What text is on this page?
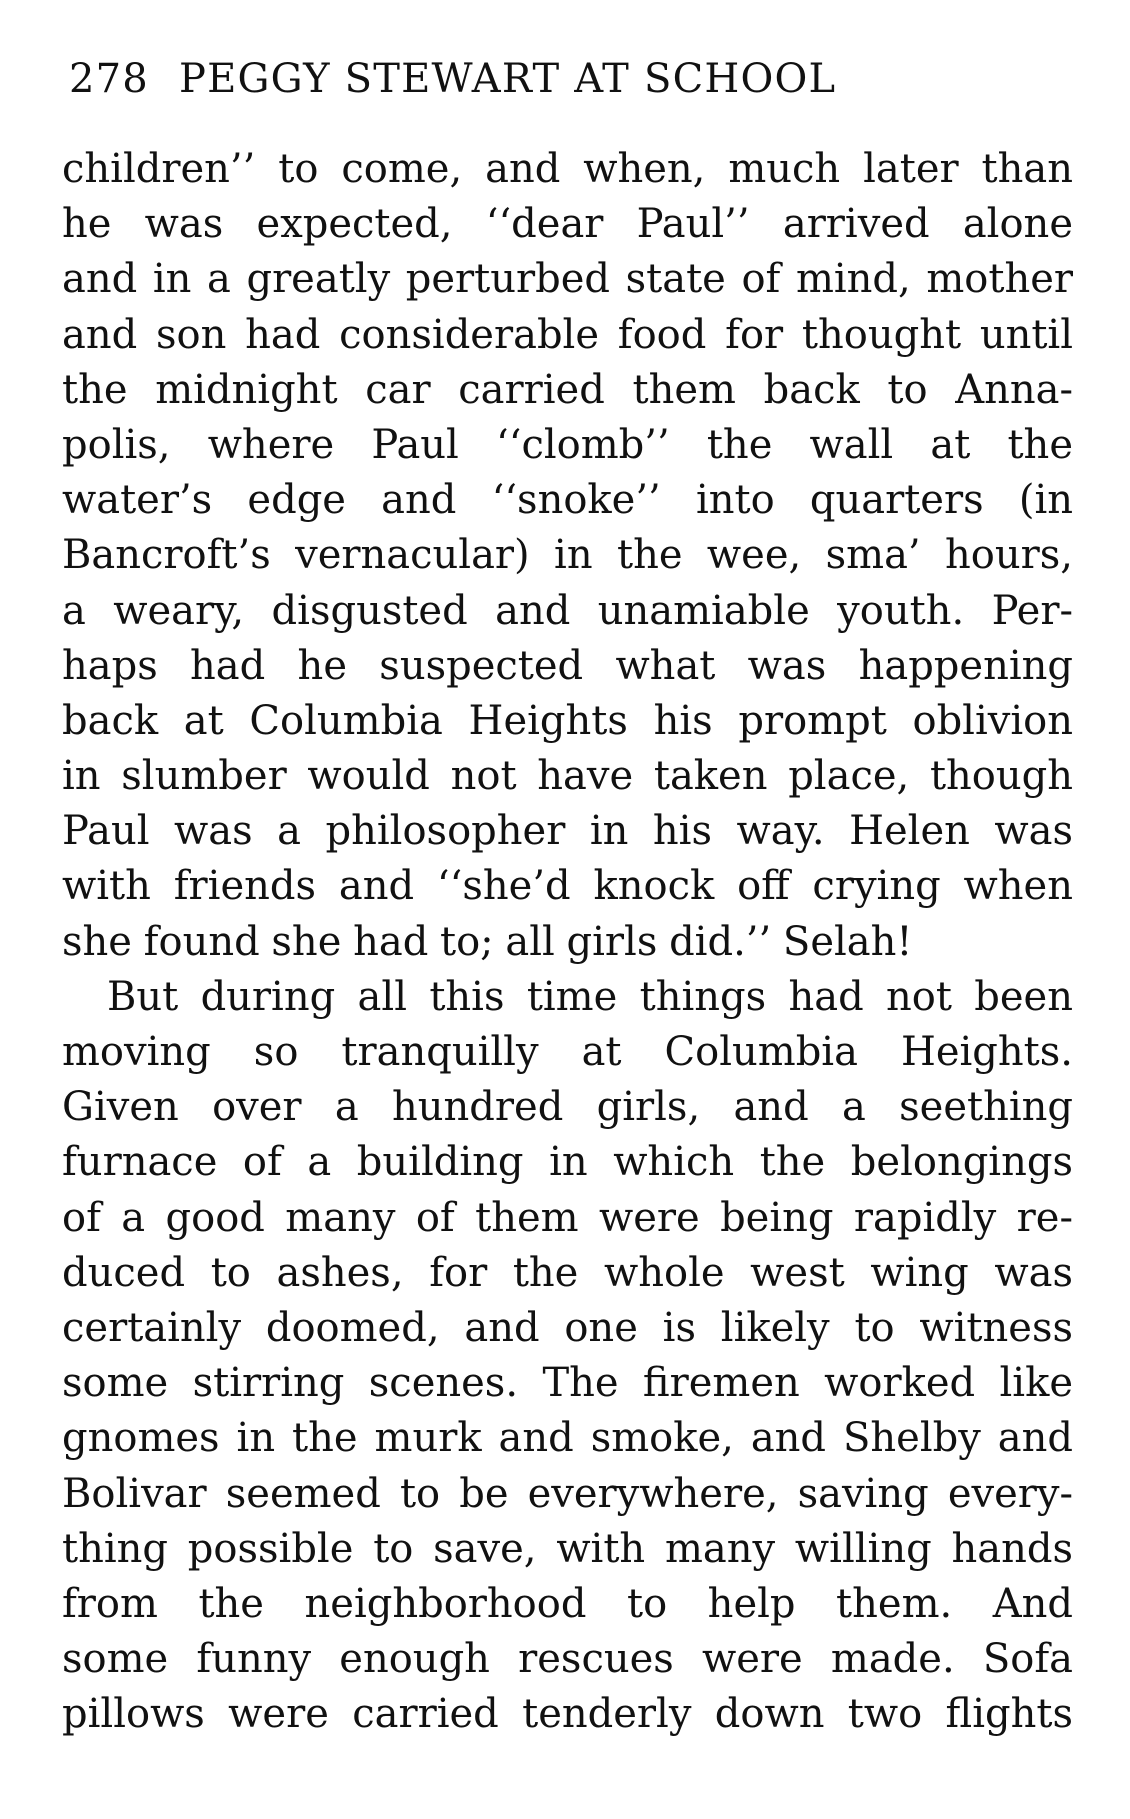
278 PEGGY STEWART AT SCHOOL
children’’ to come, and when, much later than
he was expected, ‘‘dear Paul’’ arrived alone
and in a greatly perturbed state of mind, mother
and son had considerable food for thought until
the midnight car carried them back to Anna-
polis, where Paul ‘‘clomb’’ the wall at the
water’s edge and ‘‘snoke’’ into quarters (in
Bancroft’s vernacular) in the wee, sma’ hours,
a weary, disgusted and unamiable youth. Per-
haps had he suspected what was happening
back at Columbia Heights his prompt oblivion
in slumber would not have taken place, though
Paul was a philosopher in his way. Helen was
with friends and ‘‘she’d knock off crying when
she found she had to; all girls did.’’ Selah!
But during all this time things had not been
moving so tranquilly at Columbia Heights.
Given over a hundred girls, and a seething
furnace of a building in which the belongings
of a good many of them were being rapidly re-
duced to ashes, for the whole west wing was
certainly doomed, and one is likely to witness
some stirring scenes. The firemen worked like
gnomes in the murk and smoke, and Shelby and
Bolivar seemed to be everywhere, saving every-
thing possible to save, with many willing hands
from the neighborhood to help them. And
some funny enough rescues were made. Sofa
pillows were carried tenderly down two flights
